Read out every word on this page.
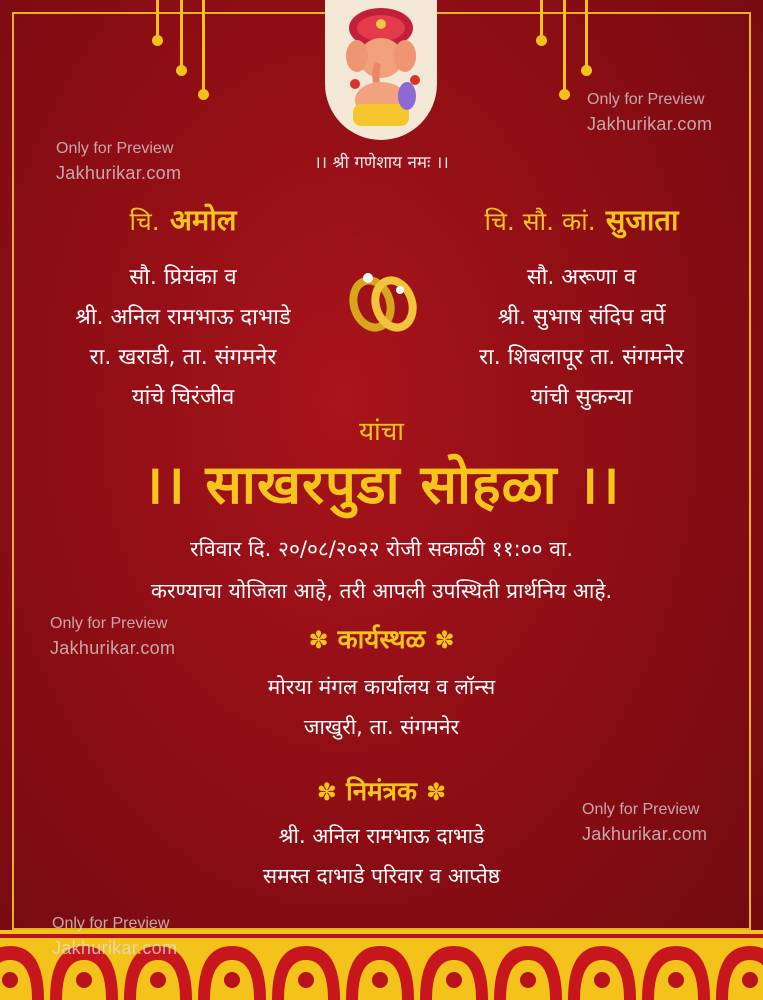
Only for Preview
Jakhurikar.com
Only for Preview
Jakhurikar.com
Only for Preview
Jakhurikar.com
Only for Preview
Jakhurikar.com
Only for Preview
Jakhurikar.com
।। श्री गणेशाय नमः ।।
चि. अमोल
सौ. प्रियंका व
श्री. अनिल रामभाऊ दाभाडे
रा. खराडी, ता. संगमनेर
यांचे चिरंजीव
चि. सौ. कां. सुजाता
सौ. अरूणा व
श्री. सुभाष संदिप वर्पे
रा. शिबलापूर ता. संगमनेर
यांची सुकन्या
यांचा
।। साखरपुडा सोहळा ।।
रविवार दि. २०/०८/२०२२ रोजी सकाळी ११:०० वा.
करण्याचा योजिला आहे, तरी आपली उपस्थिती प्रार्थनिय आहे.
✽ कार्यस्थळ ✽
मोरया मंगल कार्यालय व लॉन्स
जाखुरी, ता. संगमनेर
✽ निमंत्रक ✽
श्री. अनिल रामभाऊ दाभाडे
समस्त दाभाडे परिवार व आप्तेष्ठ
